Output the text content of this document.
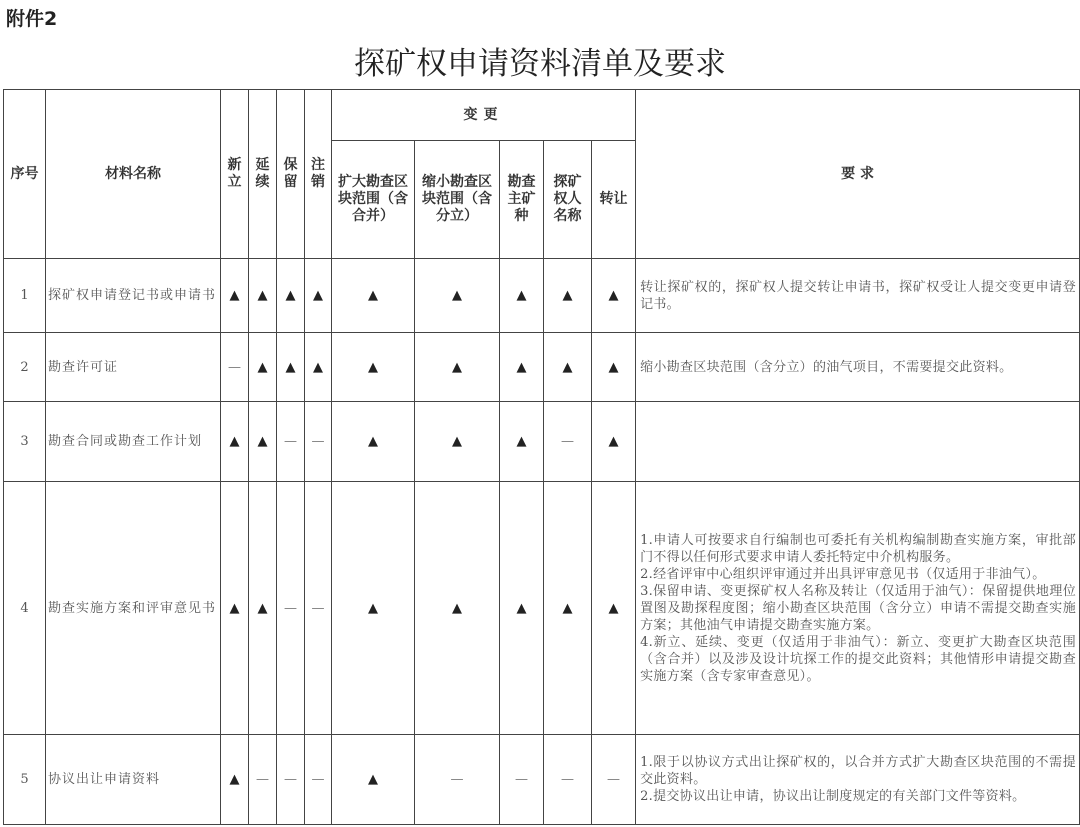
附件2
探矿权申请资料清单及要求
序号	材料名称	新立	延续	保留	注销	变更					要 求
						扩大勘查区块范围（含合并）	缩小勘查区块范围（含分立）	勘查主矿种	探矿权人名称	转让	
1	探矿权申请登记书或申请书	▲	▲	▲	▲	▲	▲	▲	▲	▲	转让探矿权的，探矿权人提交转让申请书，探矿权受让人提交变更申请登记书。

2	勘查许可证	—	▲	▲	▲	▲	▲	▲	▲	▲	缩小勘查区块范围（含分立）的油气项目，不需要提交此资料。

3	勘查合同或勘查工作计划	▲	▲	—	—	▲	▲	▲	—	▲	
4	勘查实施方案和评审意见书	▲	▲	—	—	▲	▲	▲	▲	▲	1.申请人可按要求自行编制也可委托有关机构编制勘查实施方案，审批部门不得以任何形式要求申请人委托特定中介机构服务。
2.经省评审中心组织评审通过并出具评审意见书（仅适用于非油气）。
3.保留申请、变更探矿权人名称及转让（仅适用于油气）：保留提供地理位置图及勘探程度图；缩小勘查区块范围（含分立）申请不需提交勘查实施方案；其他油气申请提交勘查实施方案。
4.新立、延续、变更（仅适用于非油气）：新立、变更扩大勘查区块范围（含合并）以及涉及设计坑探工作的提交此资料；其他情形申请提交勘查实施方案（含专家审查意见）。

5	协议出让申请资料	▲	—	—	—	▲	—	—	—	—	1.限于以协议方式出让探矿权的，以合并方式扩大勘查区块范围的不需提交此资料。
2.提交协议出让申请，协议出让制度规定的有关部门文件等资料。
